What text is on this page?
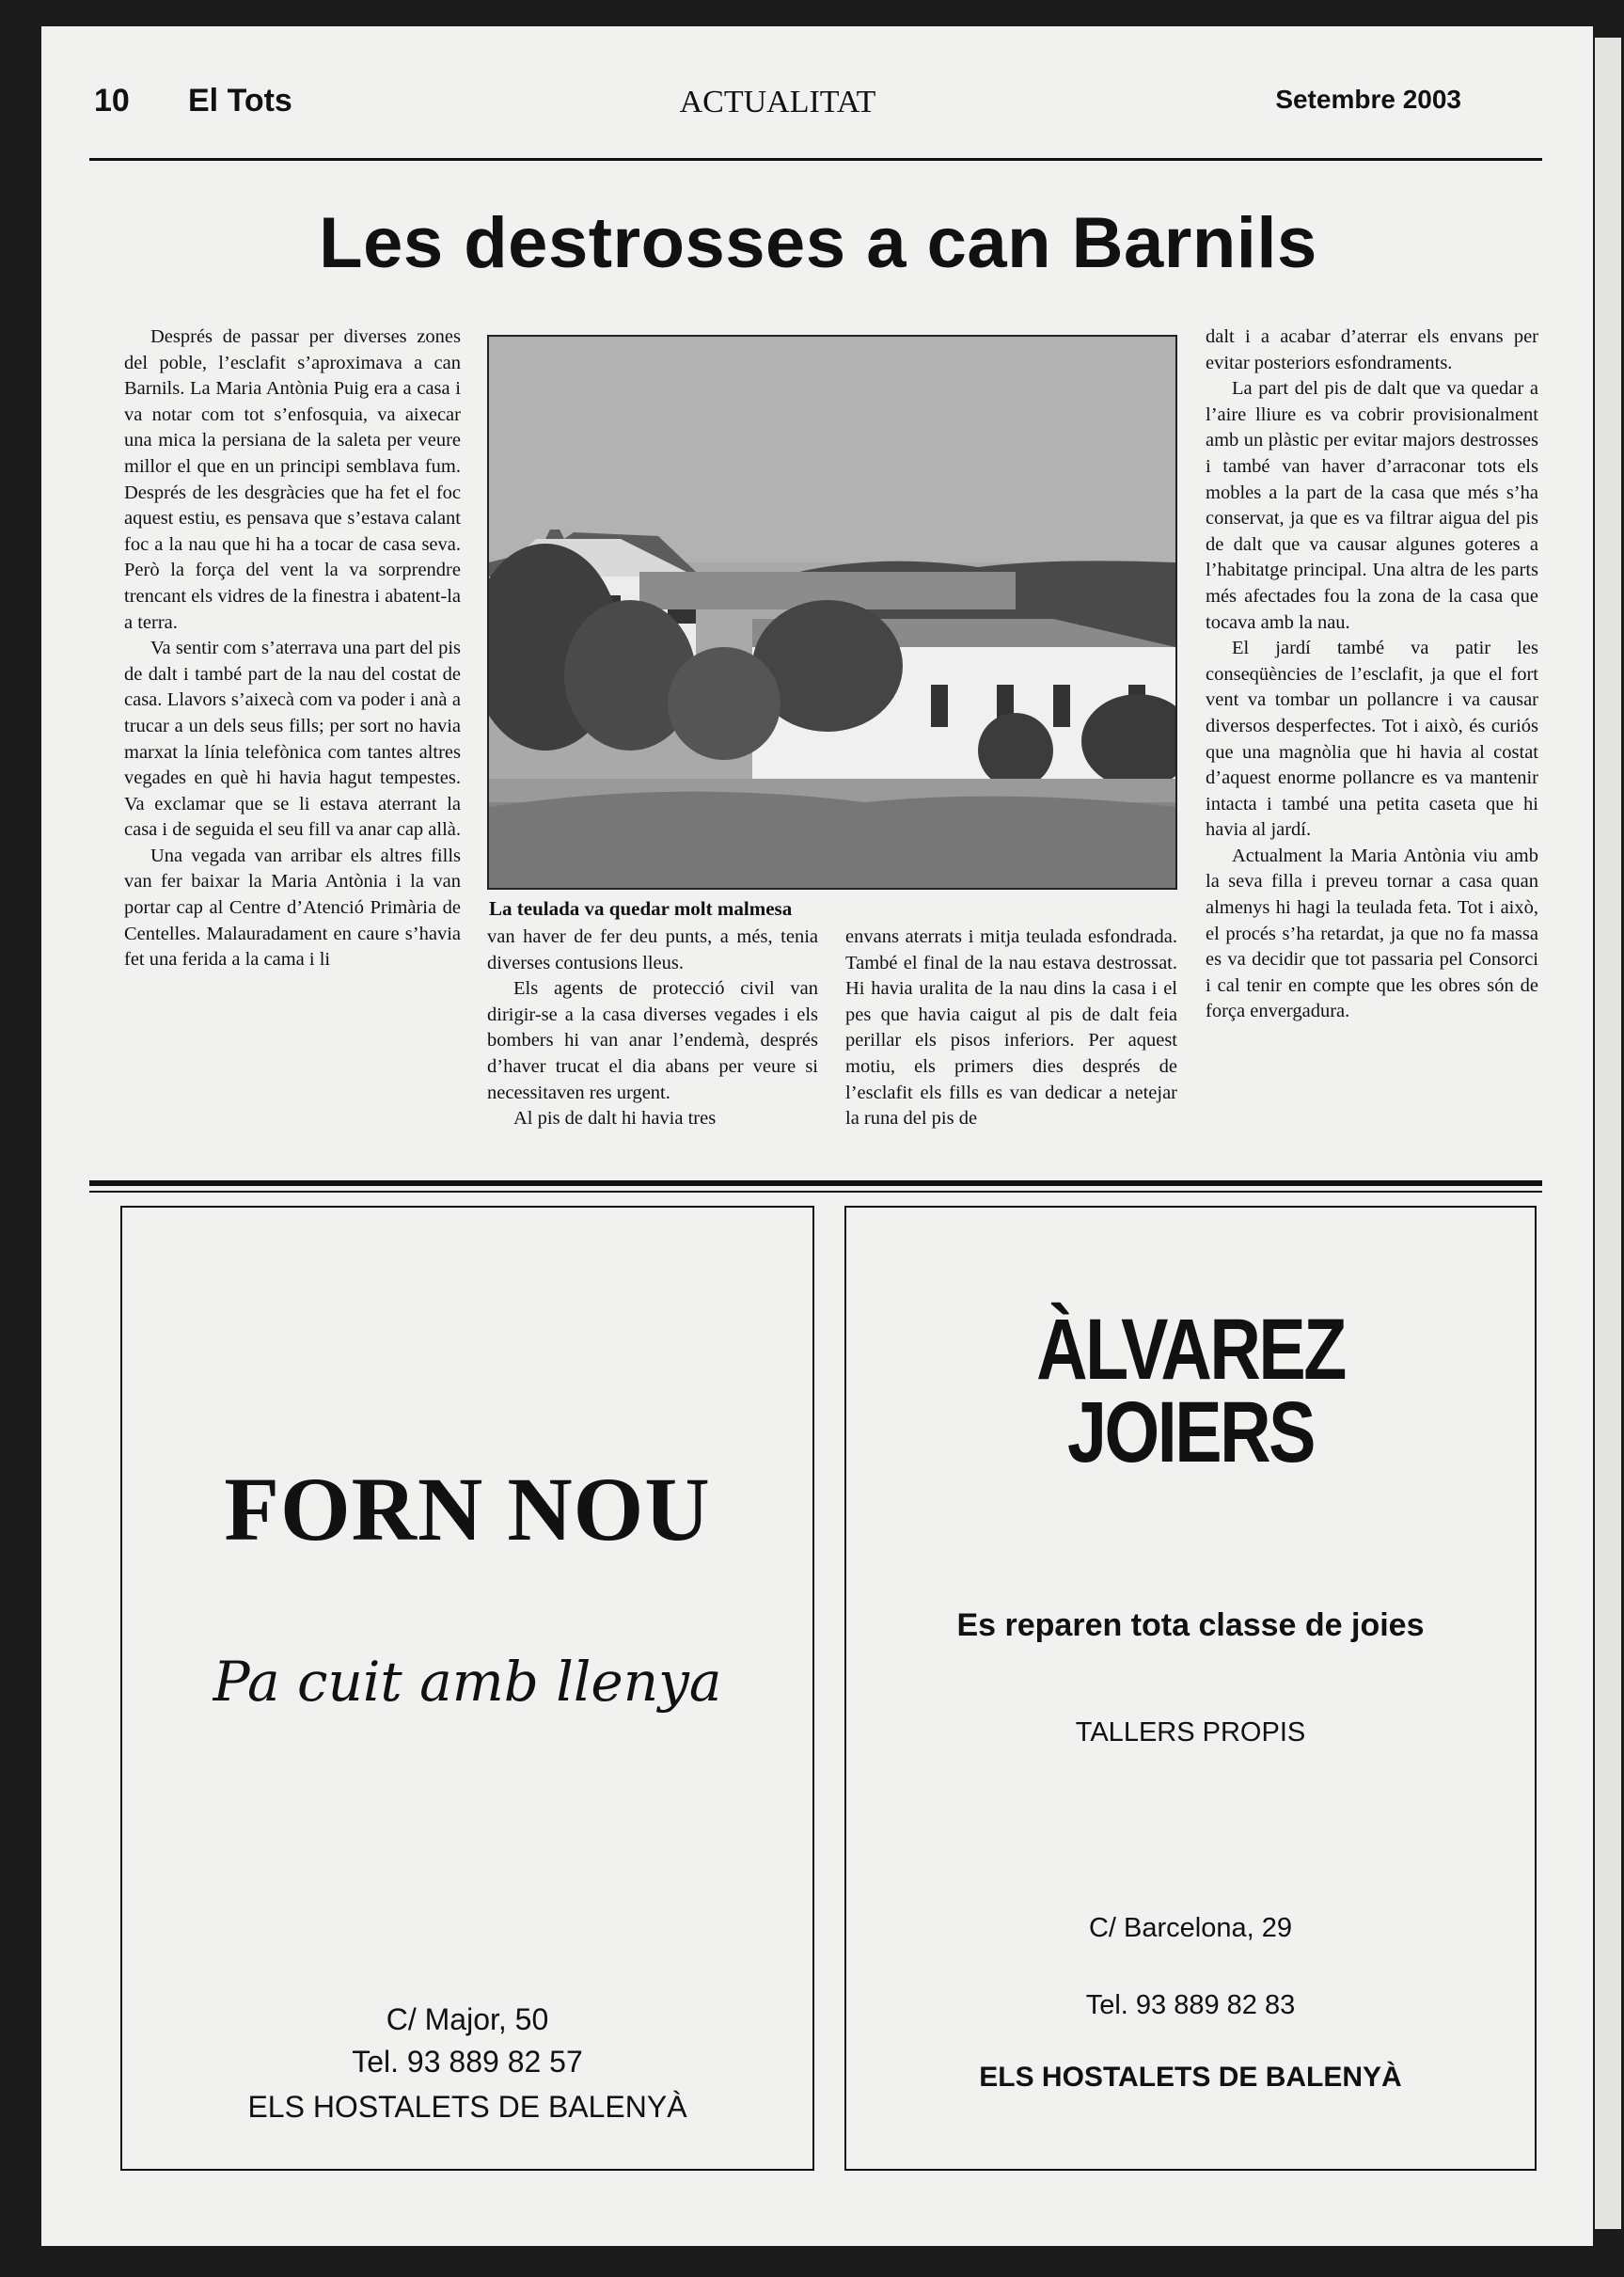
10 El Tots	ACTUALITAT	Setembre 2003
Les destrosses a can Barnils

Després de passar per diverses zones del poble, l’esclafit s’aproximava a can Barnils. La Maria Antònia Puig era a casa i va notar com tot s’enfosquia, va aixecar una mica la persiana de la saleta per veure millor el que en un principi semblava fum. Després de les desgràcies que ha fet el foc aquest estiu, es pensava que s’estava calant foc a la nau que hi ha a tocar de casa seva. Però la força del vent la va sorprendre trencant els vidres de la finestra i abatent-la a terra.

Va sentir com s’aterrava una part del pis de dalt i també part de la nau del costat de casa. Llavors s’aixecà com va poder i anà a trucar a un dels seus fills; per sort no havia marxat la línia telefònica com tantes altres vegades en què hi havia hagut tempestes. Va exclamar que se li estava aterrant la casa i de seguida el seu fill va anar cap allà.

Una vegada van arribar els altres fills van fer baixar la Maria Antònia i la van portar cap al Centre d’Atenció Primària de Centelles. Malauradament en caure s’havia fet una ferida a la cama i li

La teulada va quedar molt malmesa

van haver de fer deu punts, a més, tenia diverses contusions lleus.

Els agents de protecció civil van dirigir-se a la casa diverses vegades i els bombers hi van anar l’endemà, després d’haver trucat el dia abans per veure si necessitaven res urgent.

Al pis de dalt hi havia tres

envans aterrats i mitja teulada esfondrada. També el final de la nau estava destrossat. Hi havia uralita de la nau dins la casa i el pes que havia caigut al pis de dalt feia perillar els pisos inferiors. Per aquest motiu, els primers dies després de l’esclafit els fills es van dedicar a netejar la runa del pis de

dalt i a acabar d’aterrar els envans per evitar posteriors esfondraments.

La part del pis de dalt que va quedar a l’aire lliure es va cobrir provisionalment amb un plàstic per evitar majors destrosses i també van haver d’arraconar tots els mobles a la part de la casa que més s’ha conservat, ja que es va filtrar aigua del pis de dalt que va causar algunes goteres a l’habitatge principal. Una altra de les parts més afectades fou la zona de la casa que tocava amb la nau.

El jardí també va patir les conseqüències de l’esclafit, ja que el fort vent va tombar un pollancre i va causar diversos desperfectes. Tot i això, és curiós que una magnòlia que hi havia al costat d’aquest enorme pollancre es va mantenir intacta i també una petita caseta que hi havia al jardí.

Actualment la Maria Antònia viu amb la seva filla i preveu tornar a casa quan almenys hi hagi la teulada feta. Tot i això, el procés s’ha retardat, ja que no fa massa es va decidir que tot passaria pel Consorci i cal tenir en compte que les obres són de força envergadura.

FORN NOU
Pa cuit amb llenya
C/ Major, 50
Tel. 93 889 82 57
ELS HOSTALETS DE BALENYÀ
ÀLVAREZ
JOIERS
Es reparen tota classe de joies
TALLERS PROPIS
C/ Barcelona, 29
Tel. 93 889 82 83
ELS HOSTALETS DE BALENYÀ
